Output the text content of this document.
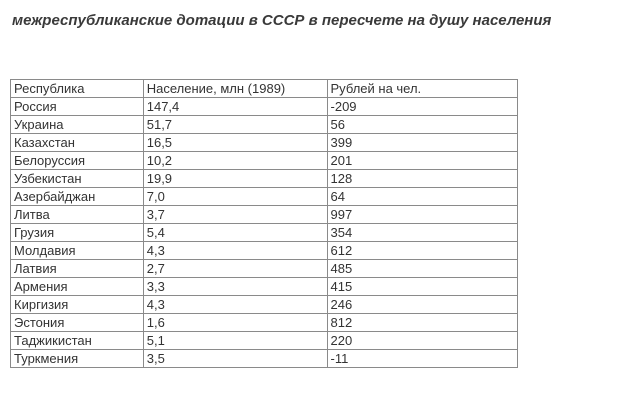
межреспубликанские дотации в СССР в пересчете на душу населения
Республика	Население, млн (1989)	Рублей на чел.
Россия	147,4	-209
Украина	51,7	56
Казахстан	16,5	399
Белоруссия	10,2	201
Узбекистан	19,9	128
Азербайджан	7,0	64
Литва	3,7	997
Грузия	5,4	354
Молдавия	4,3	612
Латвия	2,7	485
Армения	3,3	415
Киргизия	4,3	246
Эстония	1,6	812
Таджикистан	5,1	220
Туркмения	3,5	-11
